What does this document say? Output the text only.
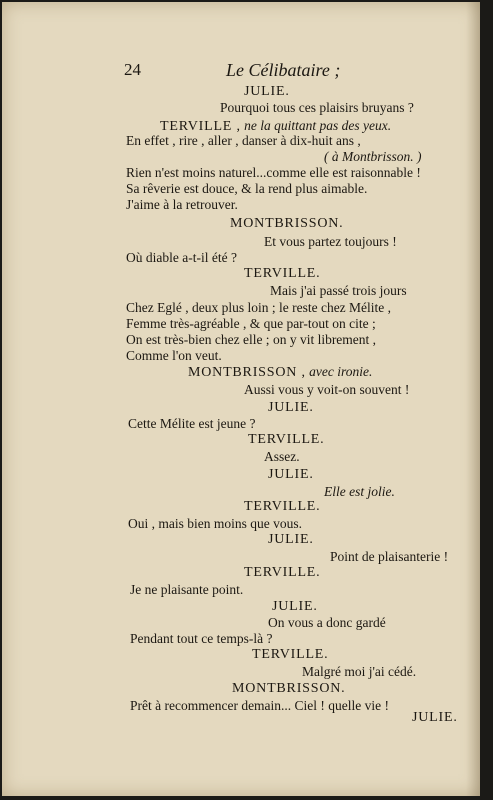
24	Le Célibataire ;
JULIE.
Pourquoi tous ces plaisirs bruyans ?
TERVILLE , ne la quittant pas des yeux.
En effet , rire , aller , danser à dix-huit ans ,
( à Montbrisson. )
Rien n'est moins naturel...comme elle est raisonnable !
Sa rêverie est douce, & la rend plus aimable.
J'aime à la retrouver.
MONTBRISSON.
Et vous partez toujours !
Où diable a-t-il été ?
TERVILLE.
Mais j'ai passé trois jours
Chez Eglé , deux plus loin ; le reste chez Mélite ,
Femme très-agréable , & que par-tout on cite ;
On est très-bien chez elle ; on y vit librement ,
Comme l'on veut.
MONTBRISSON , avec ironie.
Aussi vous y voit-on souvent !
JULIE.
Cette Mélite est jeune ?
TERVILLE.
Assez.
JULIE.
Elle est jolie.
TERVILLE.
Oui , mais bien moins que vous.
JULIE.
Point de plaisanterie !
TERVILLE.
Je ne plaisante point.
JULIE.
On vous a donc gardé
Pendant tout ce temps-là ?
TERVILLE.
Malgré moi j'ai cédé.
MONTBRISSON.
Prêt à recommencer demain... Ciel ! quelle vie !
JULIE.
